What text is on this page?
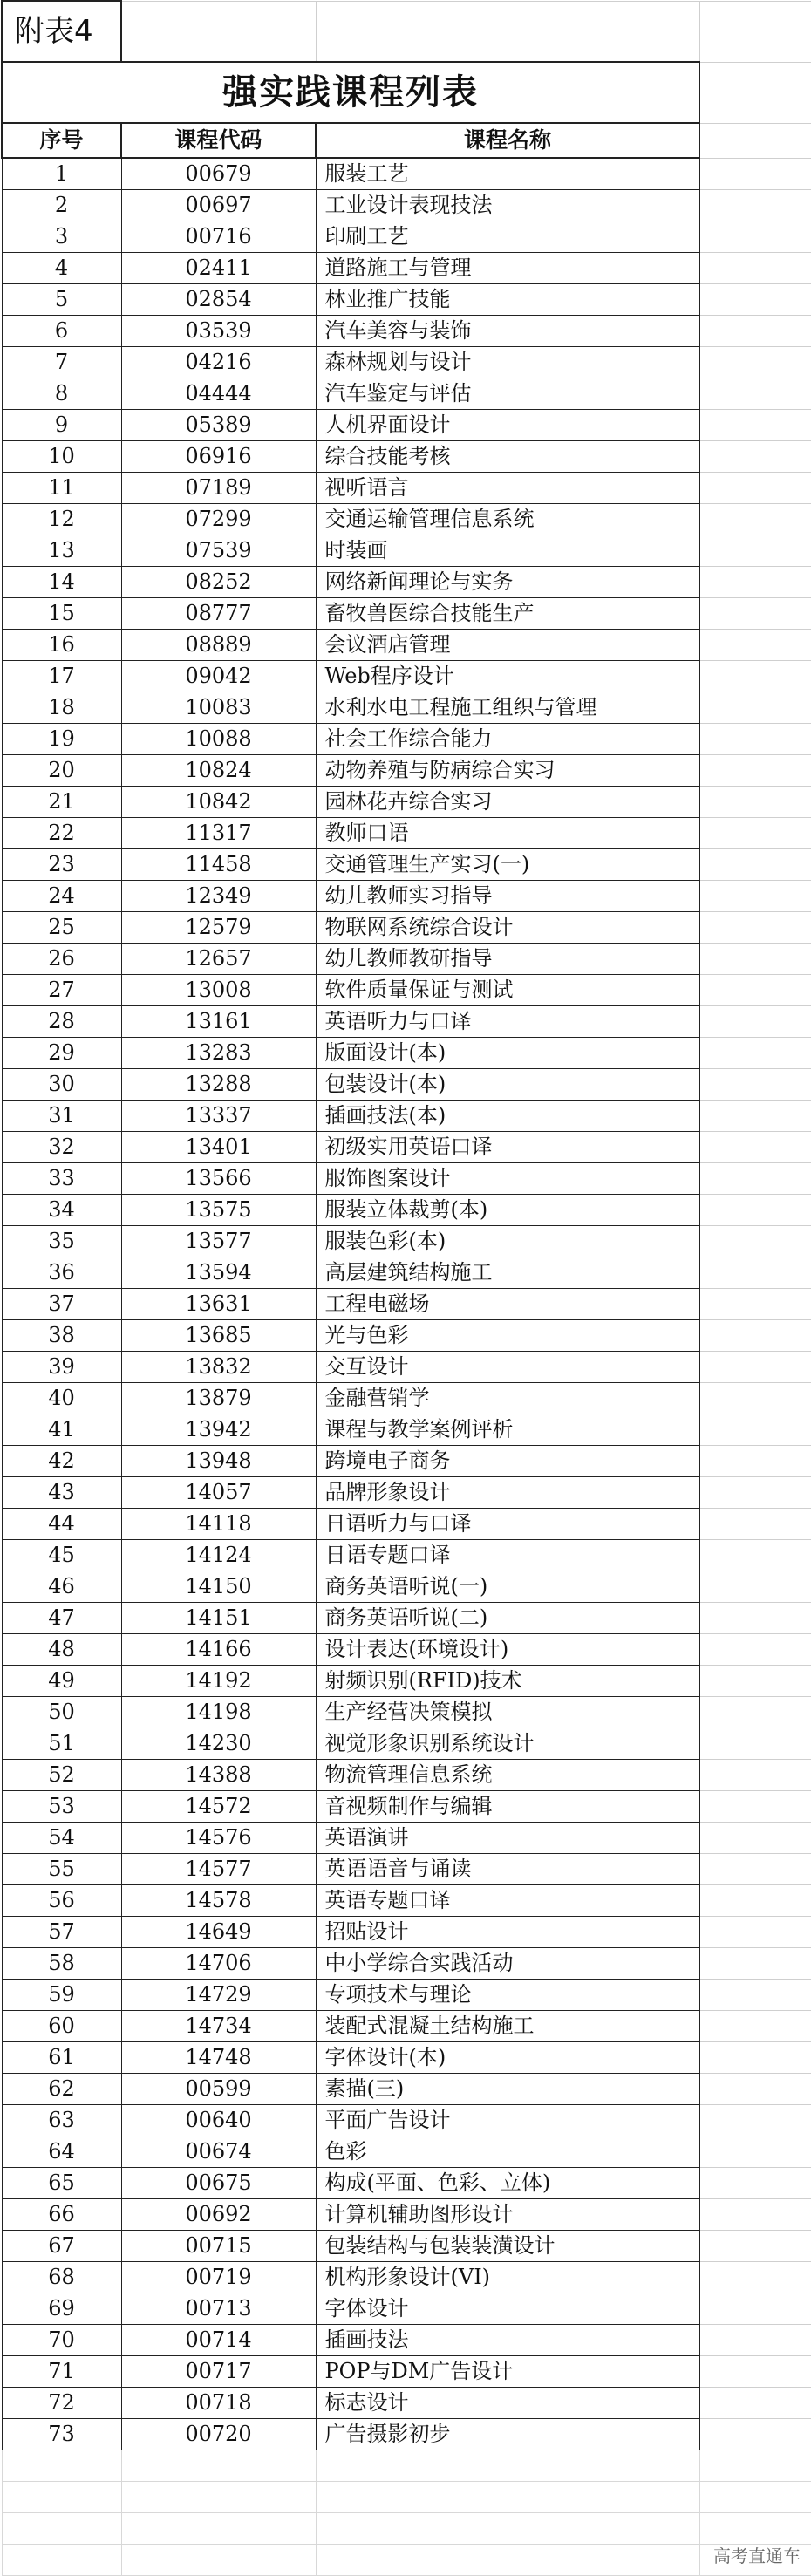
附表4			
强实践课程列表			
序号	课程代码	课程名称	
1	00679	服装工艺	
2	00697	工业设计表现技法	
3	00716	印刷工艺	
4	02411	道路施工与管理	
5	02854	林业推广技能	
6	03539	汽车美容与装饰	
7	04216	森林规划与设计	
8	04444	汽车鉴定与评估	
9	05389	人机界面设计	
10	06916	综合技能考核	
11	07189	视听语言	
12	07299	交通运输管理信息系统	
13	07539	时装画	
14	08252	网络新闻理论与实务	
15	08777	畜牧兽医综合技能生产	
16	08889	会议酒店管理	
17	09042	Web程序设计	
18	10083	水利水电工程施工组织与管理	
19	10088	社会工作综合能力	
20	10824	动物养殖与防病综合实习	
21	10842	园林花卉综合实习	
22	11317	教师口语	
23	11458	交通管理生产实习(一)	
24	12349	幼儿教师实习指导	
25	12579	物联网系统综合设计	
26	12657	幼儿教师教研指导	
27	13008	软件质量保证与测试	
28	13161	英语听力与口译	
29	13283	版面设计(本)	
30	13288	包装设计(本)	
31	13337	插画技法(本)	
32	13401	初级实用英语口译	
33	13566	服饰图案设计	
34	13575	服装立体裁剪(本)	
35	13577	服装色彩(本)	
36	13594	高层建筑结构施工	
37	13631	工程电磁场	
38	13685	光与色彩	
39	13832	交互设计	
40	13879	金融营销学	
41	13942	课程与教学案例评析	
42	13948	跨境电子商务	
43	14057	品牌形象设计	
44	14118	日语听力与口译	
45	14124	日语专题口译	
46	14150	商务英语听说(一)	
47	14151	商务英语听说(二)	
48	14166	设计表达(环境设计)	
49	14192	射频识别(RFID)技术	
50	14198	生产经营决策模拟	
51	14230	视觉形象识别系统设计	
52	14388	物流管理信息系统	
53	14572	音视频制作与编辑	
54	14576	英语演讲	
55	14577	英语语音与诵读	
56	14578	英语专题口译	
57	14649	招贴设计	
58	14706	中小学综合实践活动	
59	14729	专项技术与理论	
60	14734	装配式混凝土结构施工	
61	14748	字体设计(本)	
62	00599	素描(三)	
63	00640	平面广告设计	
64	00674	色彩	
65	00675	构成(平面、色彩、立体)	
66	00692	计算机辅助图形设计	
67	00715	包装结构与包装装潢设计	
68	00719	机构形象设计(VI)	
69	00713	字体设计	
70	00714	插画技法	
71	00717	POP与DM广告设计	
72	00718	标志设计	
73	00720	广告摄影初步	

高考直通车
